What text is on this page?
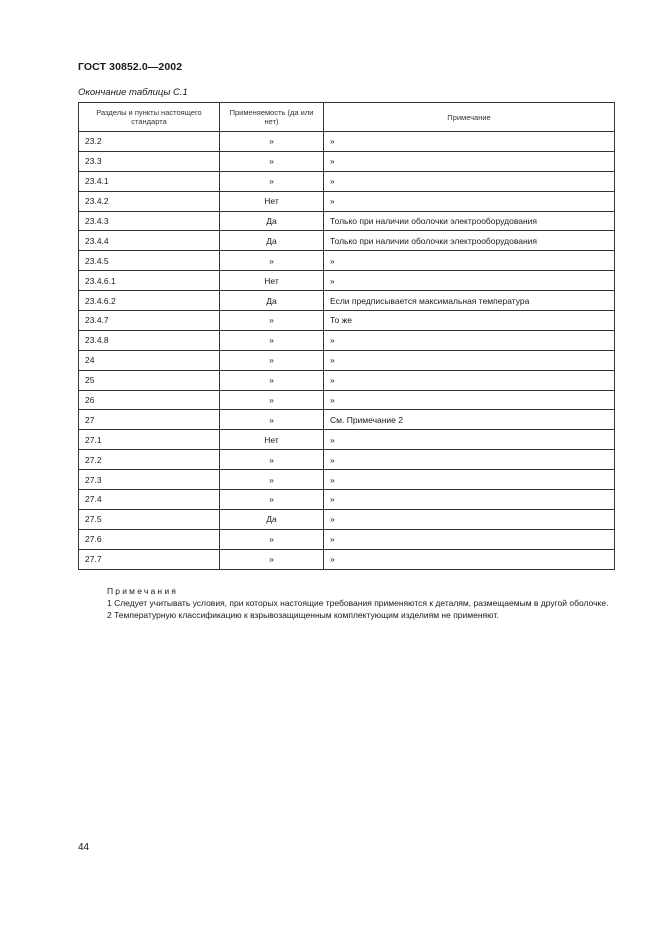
ГОСТ 30852.0—2002
Окончание таблицы С.1
Разделы и пункты настоящего стандарта	Применяемость (да или нет)	Примечание
23.2	»	»
23.3	»	»
23.4.1	»	»
23.4.2	Нет	»
23.4.3	Да	Только при наличии оболочки электрооборудования
23.4.4	Да	Только при наличии оболочки электрооборудования
23.4.5	»	»
23.4.6.1	Нет	»
23.4.6.2	Да	Если предписывается максимальная температура
23.4.7	»	То же
23.4.8	»	»
24	»	»
25	»	»
26	»	»
27	»	См. Примечание 2
27.1	Нет	»
27.2	»	»
27.3	»	»
27.4	»	»
27.5	Да	»
27.6	»	»
27.7	»	»
Примечания
1 Следует учитывать условия, при которых настоящие требования применяются к деталям, размещаемым в другой оболочке.
2 Температурную классификацию к взрывозащищенным комплектующим изделиям не применяют.
44
